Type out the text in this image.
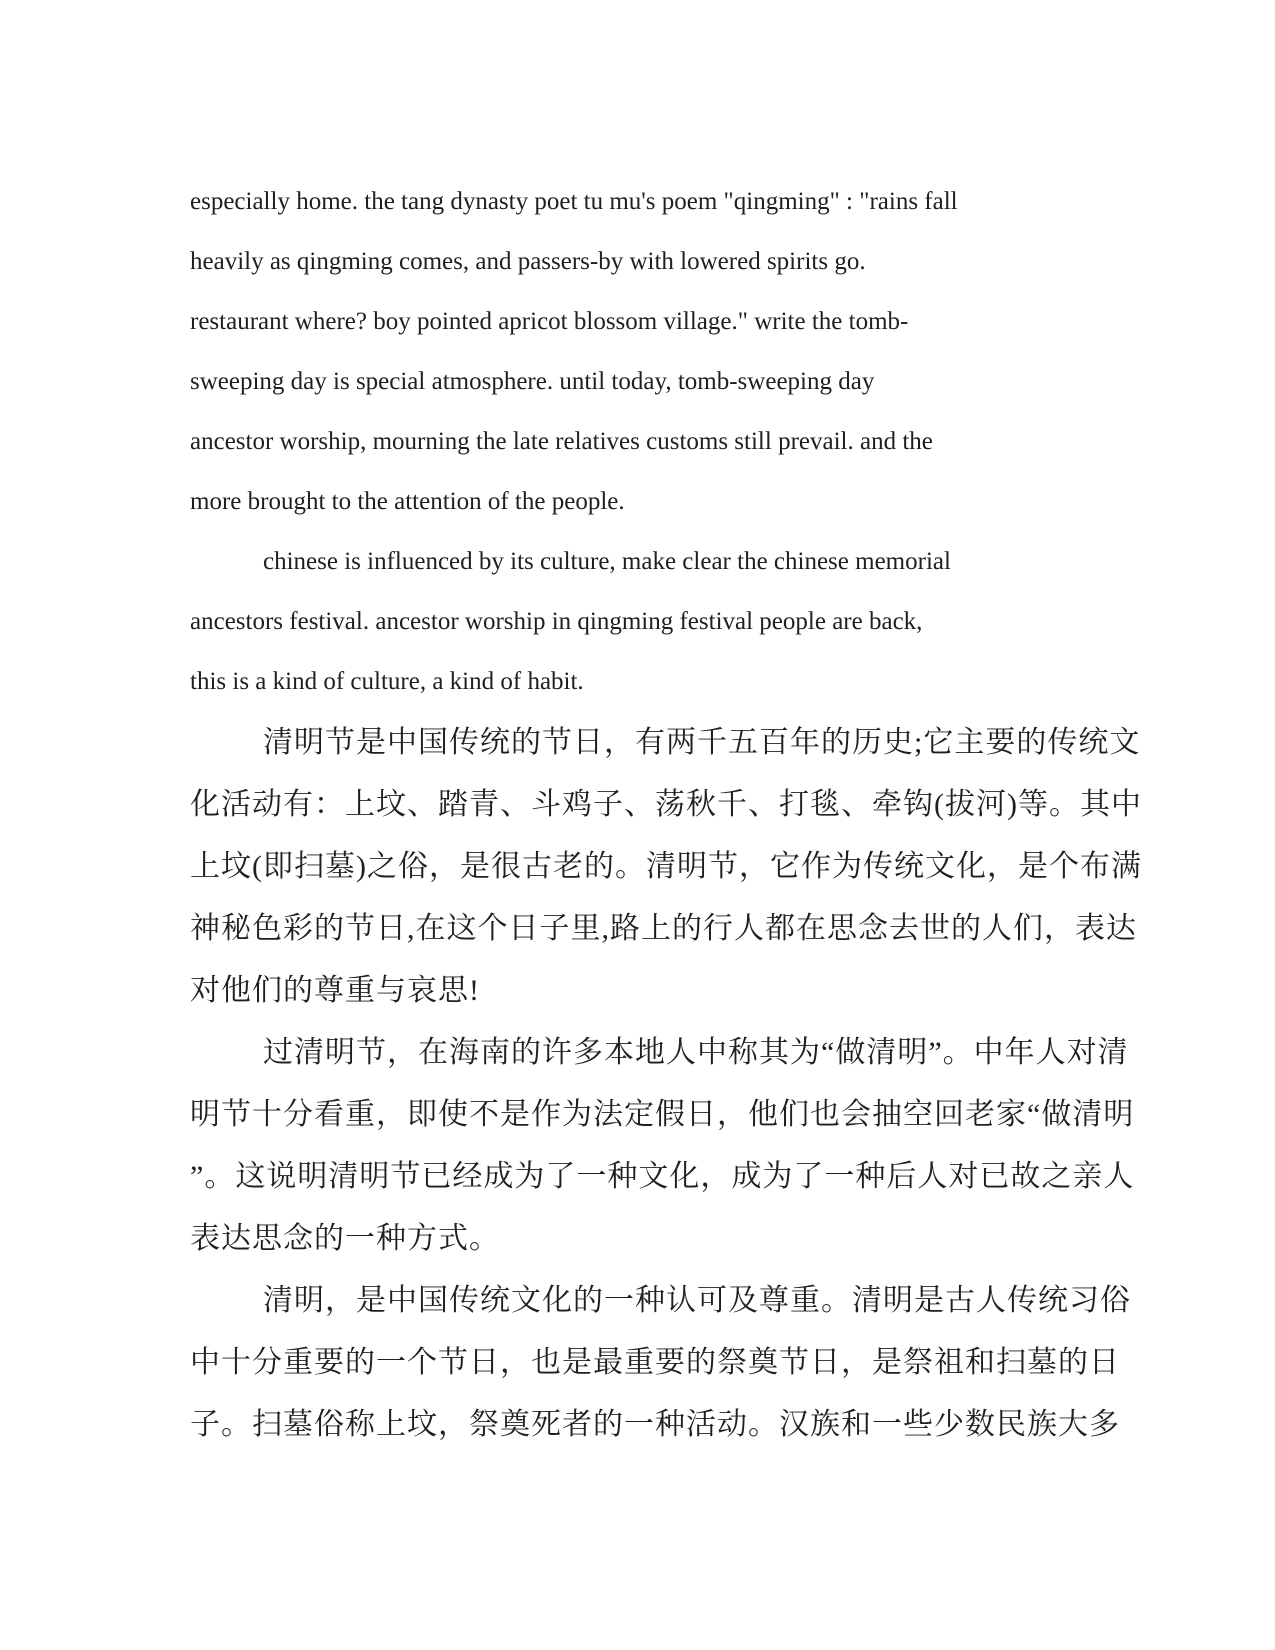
especially home. the tang dynasty poet tu mu's poem "qingming" : "rains fall
heavily as qingming comes, and passers-by with lowered spirits go.
restaurant where? boy pointed apricot blossom village." write the tomb-
sweeping day is special atmosphere. until today, tomb-sweeping day
ancestor worship, mourning the late relatives customs still prevail. and the
more brought to the attention of the people.
chinese is influenced by its culture, make clear the chinese memorial
ancestors festival. ancestor worship in qingming festival people are back,
this is a kind of culture, a kind of habit.
清明节是中国传统的节日，有两千五百年的历史;它主要的传统文
化活动有：上坟、踏青、斗鸡子、荡秋千、打毯、牵钩(拔河)等。其中
上坟(即扫墓)之俗，是很古老的。清明节，它作为传统文化，是个布满
神秘色彩的节日,在这个日子里,路上的行人都在思念去世的人们，表达
对他们的尊重与哀思!
过清明节，在海南的许多本地人中称其为“做清明”。中年人对清
明节十分看重，即使不是作为法定假日，他们也会抽空回老家“做清明
”。这说明清明节已经成为了一种文化，成为了一种后人对已故之亲人
表达思念的一种方式。
清明，是中国传统文化的一种认可及尊重。清明是古人传统习俗
中十分重要的一个节日，也是最重要的祭奠节日，是祭祖和扫墓的日
子。扫墓俗称上坟，祭奠死者的一种活动。汉族和一些少数民族大多
